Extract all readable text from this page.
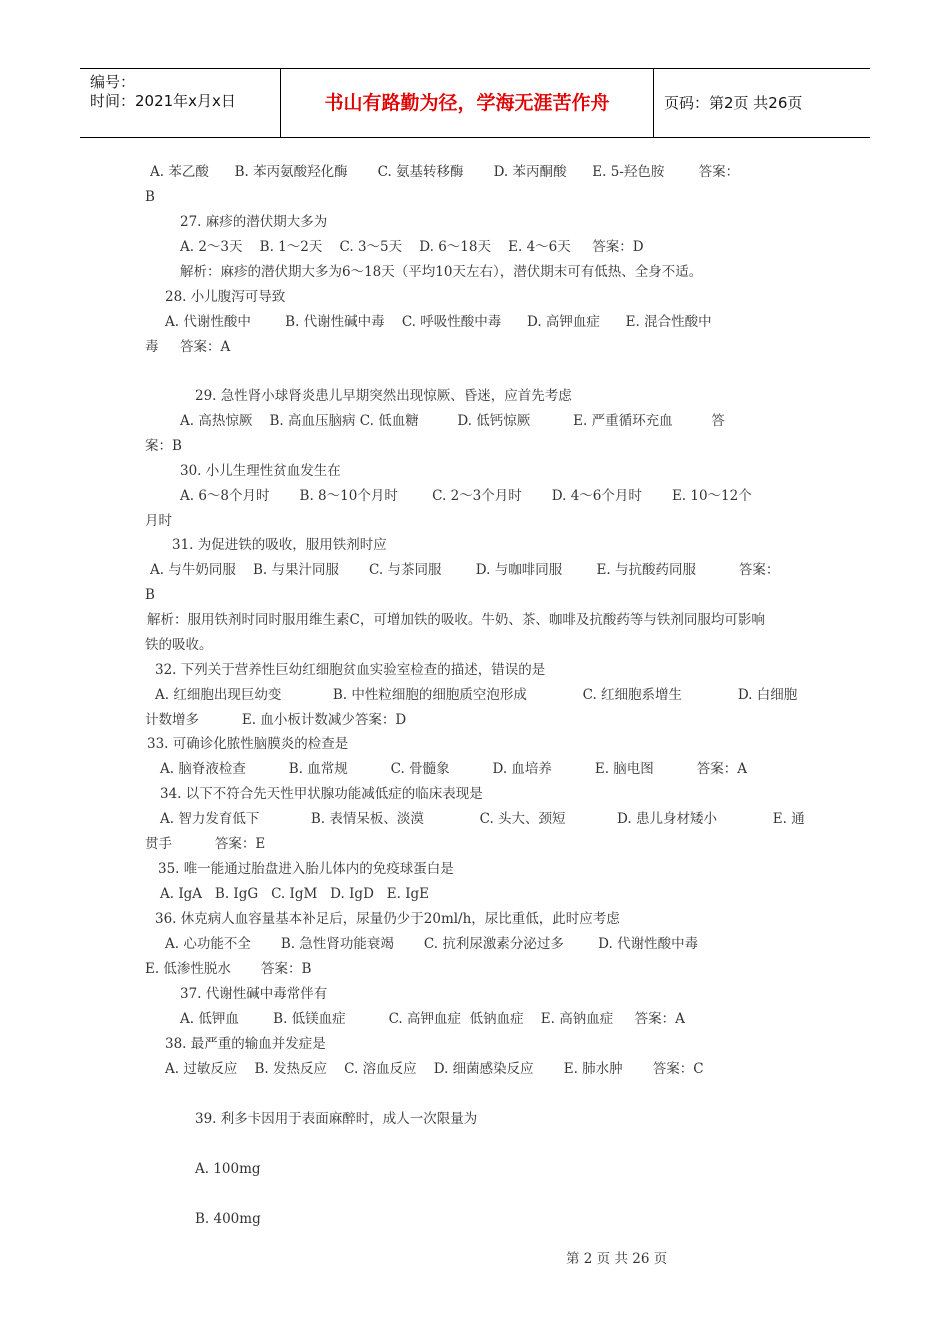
编号：
时间：2021年x月x日	书山有路勤为径，学海无涯苦作舟	页码：第2页 共26页
A. 苯乙酸      B. 苯丙氨酸羟化酶       C. 氨基转移酶       D. 苯丙酮酸      E. 5-羟色胺        答案：
B
27. 麻疹的潜伏期大多为
A. 2～3天    B. 1～2天    C. 3～5天    D. 6～18天    E. 4～6天     答案：D
解析：麻疹的潜伏期大多为6～18天（平均10天左右），潜伏期末可有低热、全身不适。
28. 小儿腹泻可导致
A. 代谢性酸中        B. 代谢性碱中毒    C. 呼吸性酸中毒      D. 高钾血症      E. 混合性酸中
毒     答案：A
29. 急性肾小球肾炎患儿早期突然出现惊厥、昏迷，应首先考虑
A. 高热惊厥    B. 高血压脑病 C. 低血糖         D. 低钙惊厥          E. 严重循环充血         答
案：B
30. 小儿生理性贫血发生在
A. 6～8个月时       B. 8～10个月时        C. 2～3个月时       D. 4～6个月时       E. 10～12个
月时
31. 为促进铁的吸收，服用铁剂时应
A. 与牛奶同服    B. 与果汁同服       C. 与茶同服        D. 与咖啡同服        E. 与抗酸药同服          答案：
B
解析：服用铁剂时同时服用维生素C，可增加铁的吸收。牛奶、茶、咖啡及抗酸药等与铁剂同服均可影响
铁的吸收。
32. 下列关于营养性巨幼红细胞贫血实验室检查的描述，错误的是
A. 红细胞出现巨幼变            B. 中性粒细胞的细胞质空泡形成             C. 红细胞系增生             D. 白细胞
计数增多          E. 血小板计数减少答案：D
33. 可确诊化脓性脑膜炎的检查是
A. 脑脊液检查          B. 血常规          C. 骨髓象          D. 血培养          E. 脑电图          答案：A
34. 以下不符合先天性甲状腺功能减低症的临床表现是
A. 智力发育低下            B. 表情呆板、淡漠             C. 头大、颈短            D. 患儿身材矮小             E. 通
贯手          答案：E
35. 唯一能通过胎盘进入胎儿体内的免疫球蛋白是
A. IgA   B. IgG   C. IgM   D. IgD   E. IgE
36. 休克病人血容量基本补足后，尿量仍少于20ml/h，尿比重低，此时应考虑
A. 心功能不全       B. 急性肾功能衰竭       C. 抗利尿激素分泌过多        D. 代谢性酸中毒
E. 低渗性脱水       答案：B
37. 代谢性碱中毒常伴有
A. 低钾血        B. 低镁血症          C. 高钾血症  低钠血症    E. 高钠血症     答案：A
38. 最严重的输血并发症是
A. 过敏反应    B. 发热反应    C. 溶血反应    D. 细菌感染反应       E. 肺水肿       答案：C
39. 利多卡因用于表面麻醉时，成人一次限量为
A. 100mg
B. 400mg
第 2 页 共 26 页
